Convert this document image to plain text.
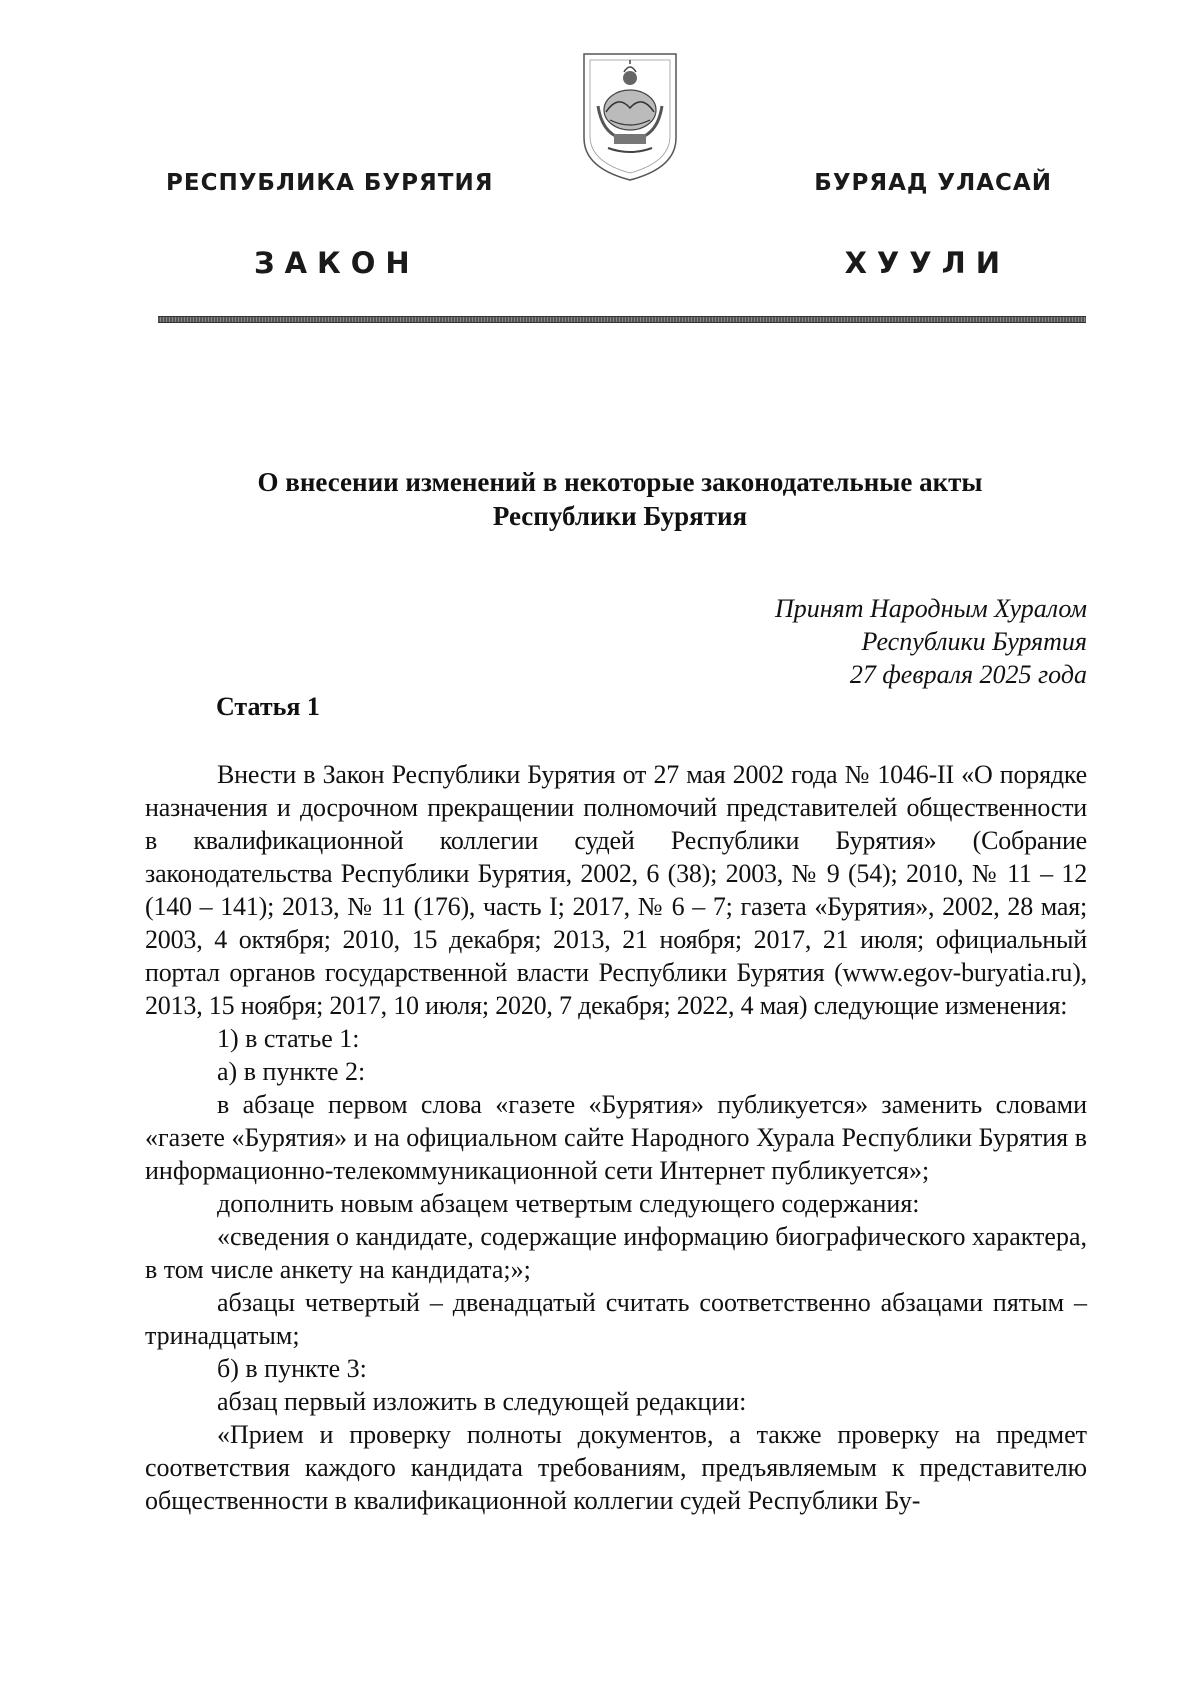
РЕСПУБЛИКА БУРЯТИЯ	БУРЯАД УЛАСАЙ
ЗАКОН	ХУУЛИ
О внесении изменений в некоторые законодательные акты
Республики Бурятия
Принят Народным Хуралом
Республики Бурятия
27 февраля 2025 года
Статья 1

Внести в Закон Республики Бурятия от 27 мая 2002 года № 1046-II «О порядке назначения и досрочном прекращении полномочий представителей общественности в квалификационной коллегии судей Республики Бурятия» (Собрание законодательства Республики Бурятия, 2002, 6 (38); 2003, № 9 (54); 2010, № 11 – 12 (140 – 141); 2013, № 11 (176), часть I; 2017, № 6 – 7; газета «Бурятия», 2002, 28 мая; 2003, 4 октября; 2010, 15 декабря; 2013, 21 ноября; 2017, 21 июля; официальный портал органов государственной власти Республики Бурятия (www.egov-buryatia.ru), 2013, 15 ноября; 2017, 10 июля; 2020, 7 декабря; 2022, 4 мая) следующие изменения:

1) в статье 1:

а) в пункте 2:

в абзаце первом слова «газете «Бурятия» публикуется» заменить словами «газете «Бурятия» и на официальном сайте Народного Хурала Республики Бурятия в информационно-телекоммуникационной сети Интернет публикуется»;

дополнить новым абзацем четвертым следующего содержания:

«сведения о кандидате, содержащие информацию биографического характера, в том числе анкету на кандидата;»;

абзацы четвертый – двенадцатый считать соответственно абзацами пятым – тринадцатым;

б) в пункте 3:

абзац первый изложить в следующей редакции:

«Прием и проверку полноты документов, а также проверку на предмет соответствия каждого кандидата требованиям, предъявляемым к представителю общественности в квалификационной коллегии судей Республики Бу-
